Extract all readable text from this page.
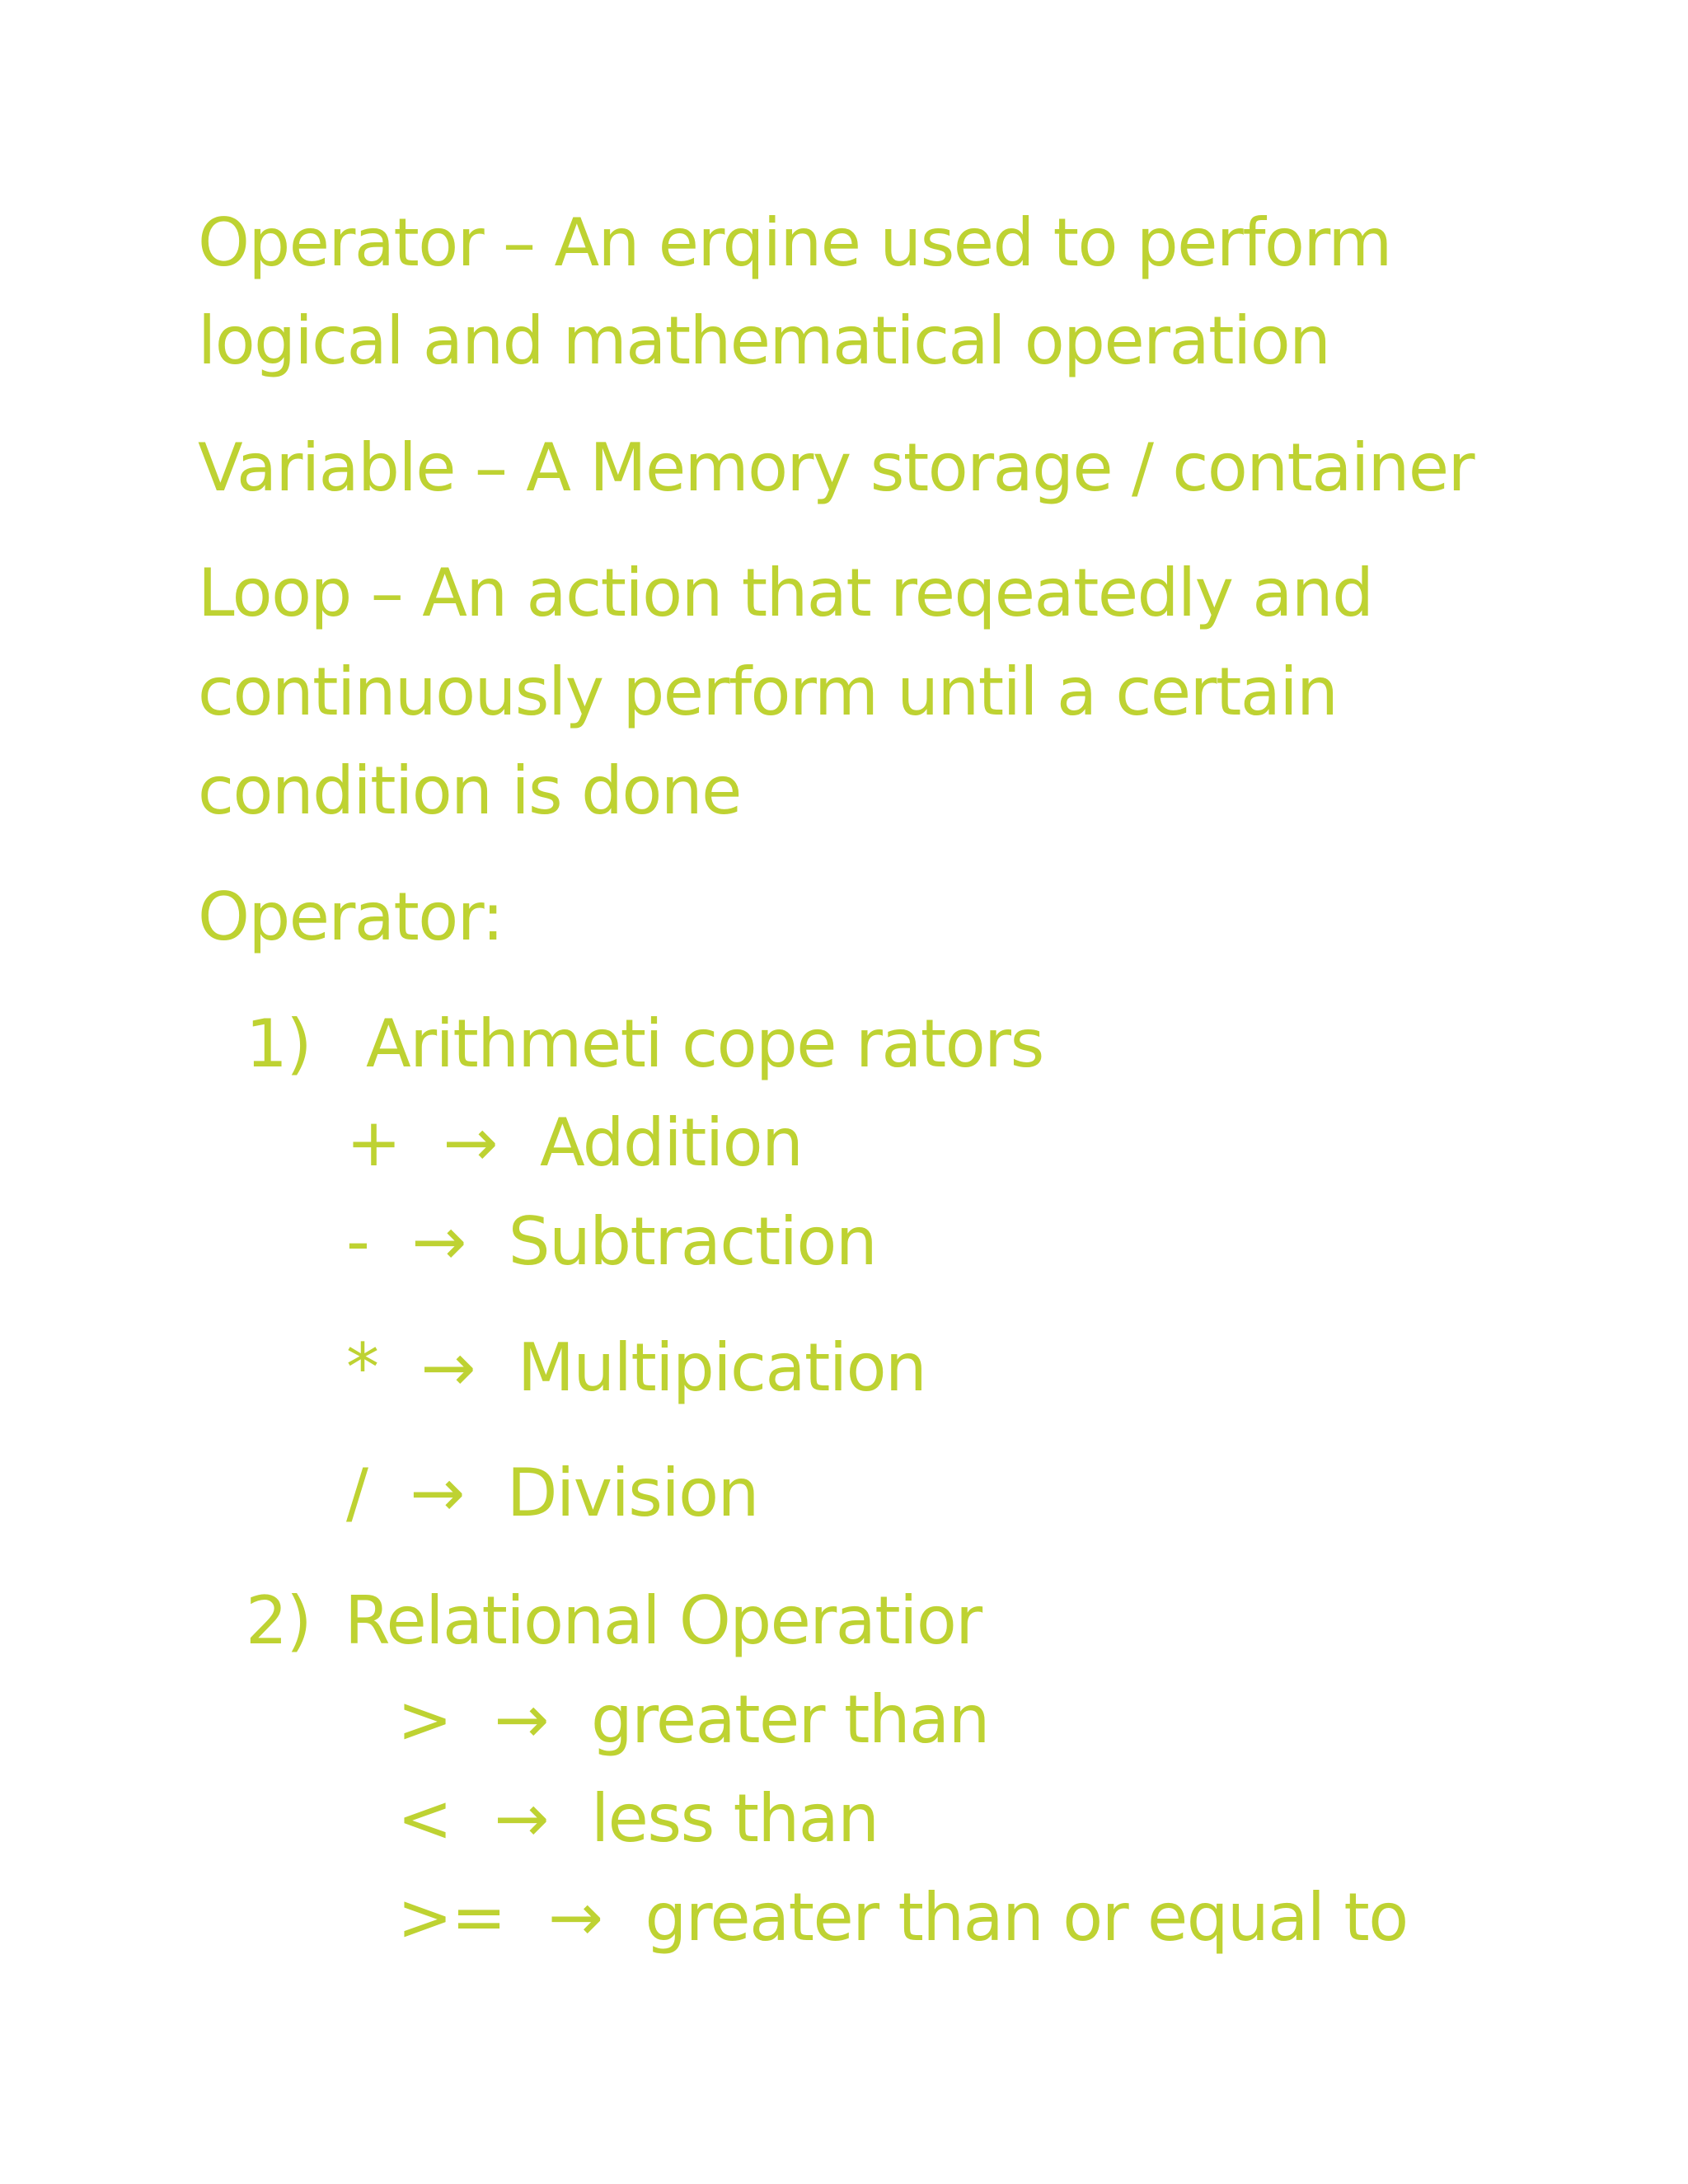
Operator – An erqine used to perform
logical and mathematical operation
Variable – A Memory storage / container
Loop – An action that reqeatedly and
continuously perform until a certain
condition is done
Operator:
1) Arithmeti cope rators
+ → Addition
- → Subtraction
* → Multipication
/ → Division
2) Relational Operatior
> → greater than
< → less than
>= → greater than or equal to
